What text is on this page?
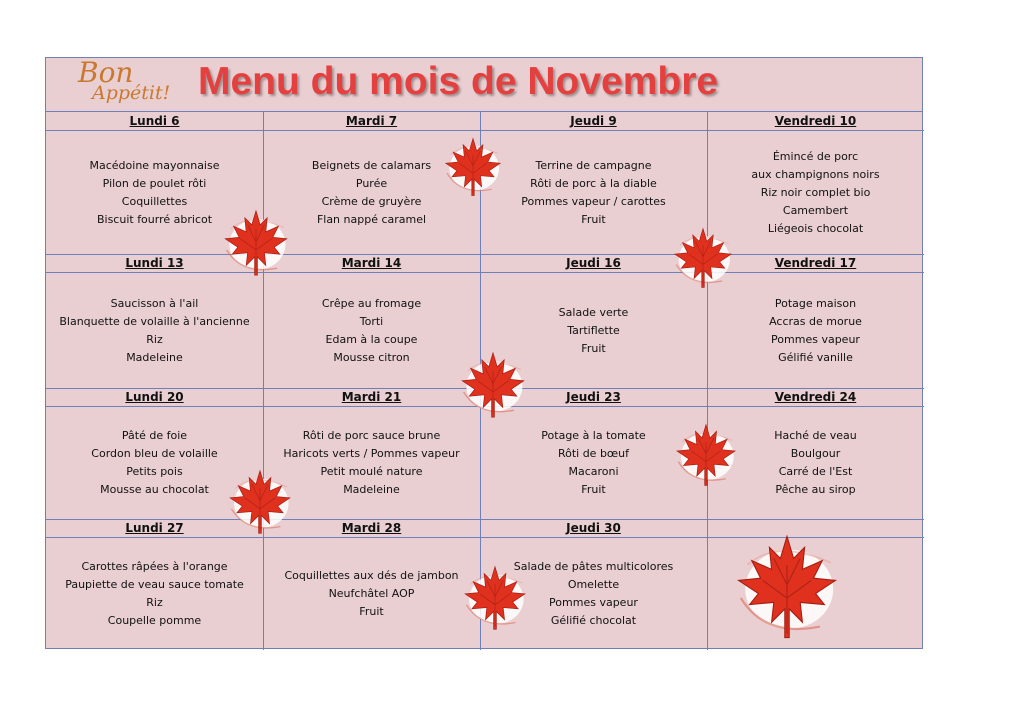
Bon
Appétit! Menu du mois de Novembre
Lundi 6
Macédoine mayonnaise
Pilon de poulet rôti
Coquillettes
Biscuit fourré abricot
Mardi 7
Beignets de calamars
Purée
Crème de gruyère
Flan nappé caramel
Jeudi 9
Terrine de campagne
Rôti de porc à la diable
Pommes vapeur / carottes
Fruit
Vendredi 10
Émincé de porc
aux champignons noirs
Riz noir complet bio
Camembert
Liégeois chocolat
Lundi 13
Saucisson à l'ail
Blanquette de volaille à l'ancienne
Riz
Madeleine
Mardi 14
Crêpe au fromage
Torti
Edam à la coupe
Mousse citron
Jeudi 16
Salade verte
Tartiflette
Fruit
Vendredi 17
Potage maison
Accras de morue
Pommes vapeur
Gélifié vanille
Lundi 20
Pâté de foie
Cordon bleu de volaille
Petits pois
Mousse au chocolat
Mardi 21
Rôti de porc sauce brune
Haricots verts / Pommes vapeur
Petit moulé nature
Madeleine
Jeudi 23
Potage à la tomate
Rôti de bœuf
Macaroni
Fruit
Vendredi 24
Haché de veau
Boulgour
Carré de l'Est
Pêche au sirop
Lundi 27
Carottes râpées à l'orange
Paupiette de veau sauce tomate
Riz
Coupelle pomme
Mardi 28
Coquillettes aux dés de jambon
Neufchâtel AOP
Fruit
Jeudi 30
Salade de pâtes multicolores
Omelette
Pommes vapeur
Gélifié chocolat
